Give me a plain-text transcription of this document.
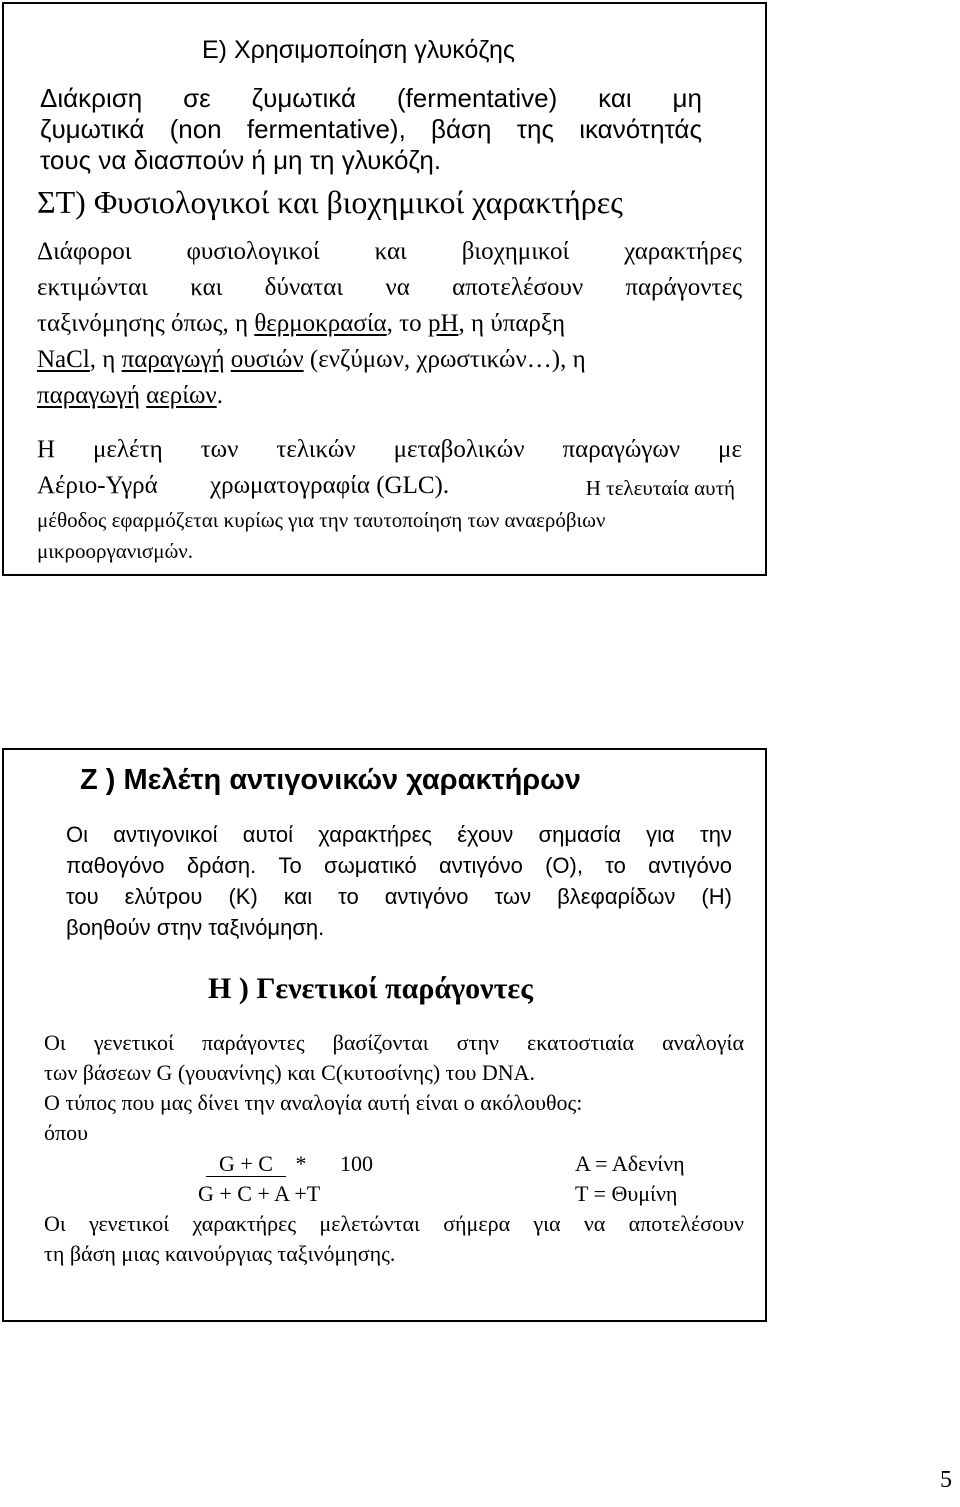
Ε) Χρησιμοποίηση γλυκόζης
Διάκριση σε ζυμωτικά (fermentative) και μη
ζυμωτικά (non fermentative), βάση της ικανότητάς
τους να διασπούν ή μη τη γλυκόζη.
ΣΤ) Φυσιολογικοί και βιοχημικοί χαρακτήρες
Διάφοροι φυσιολογικοί και βιοχημικοί χαρακτήρες
εκτιμώνται και δύναται να αποτελέσουν παράγοντες
ταξινόμησης όπως, η θερμοκρασία, το pH, η ύπαρξη
NaCl, η παραγωγή ουσιών (ενζύμων, χρωστικών…), η
παραγωγή αερίων.
Η μελέτη των τελικών μεταβολικών παραγώγων με
Αέριο-Υγρά χρωματογραφία (GLC).	Η τελευταία αυτή
μέθοδος εφαρμόζεται κυρίως για την ταυτοποίηση των αναερόβιων
μικροοργανισμών.
Ζ ) Μελέτη αντιγονικών χαρακτήρων
Οι αντιγονικοί αυτοί χαρακτήρες έχουν σημασία για την
παθογόνο δράση. Το σωματικό αντιγόνο (Ο), το αντιγόνο
του ελύτρου (Κ) και το αντιγόνο των βλεφαρίδων (Η)
βοηθούν στην ταξινόμηση.
Η ) Γενετικοί παράγοντες
Οι γενετικοί παράγοντες βασίζονται στην εκατοστιαία αναλογία
των βάσεων G (γουανίνης) και C(κυτοσίνης) του DNA.
Ο τύπος που μας δίνει την αναλογία αυτή είναι ο ακόλουθος:
όπου
G + C * 100
G + C + A +T
Α = Αδενίνη
Τ = Θυμίνη
Οι γενετικοί χαρακτήρες μελετώνται σήμερα για να αποτελέσουν
τη βάση μιας καινούργιας ταξινόμησης.
5
